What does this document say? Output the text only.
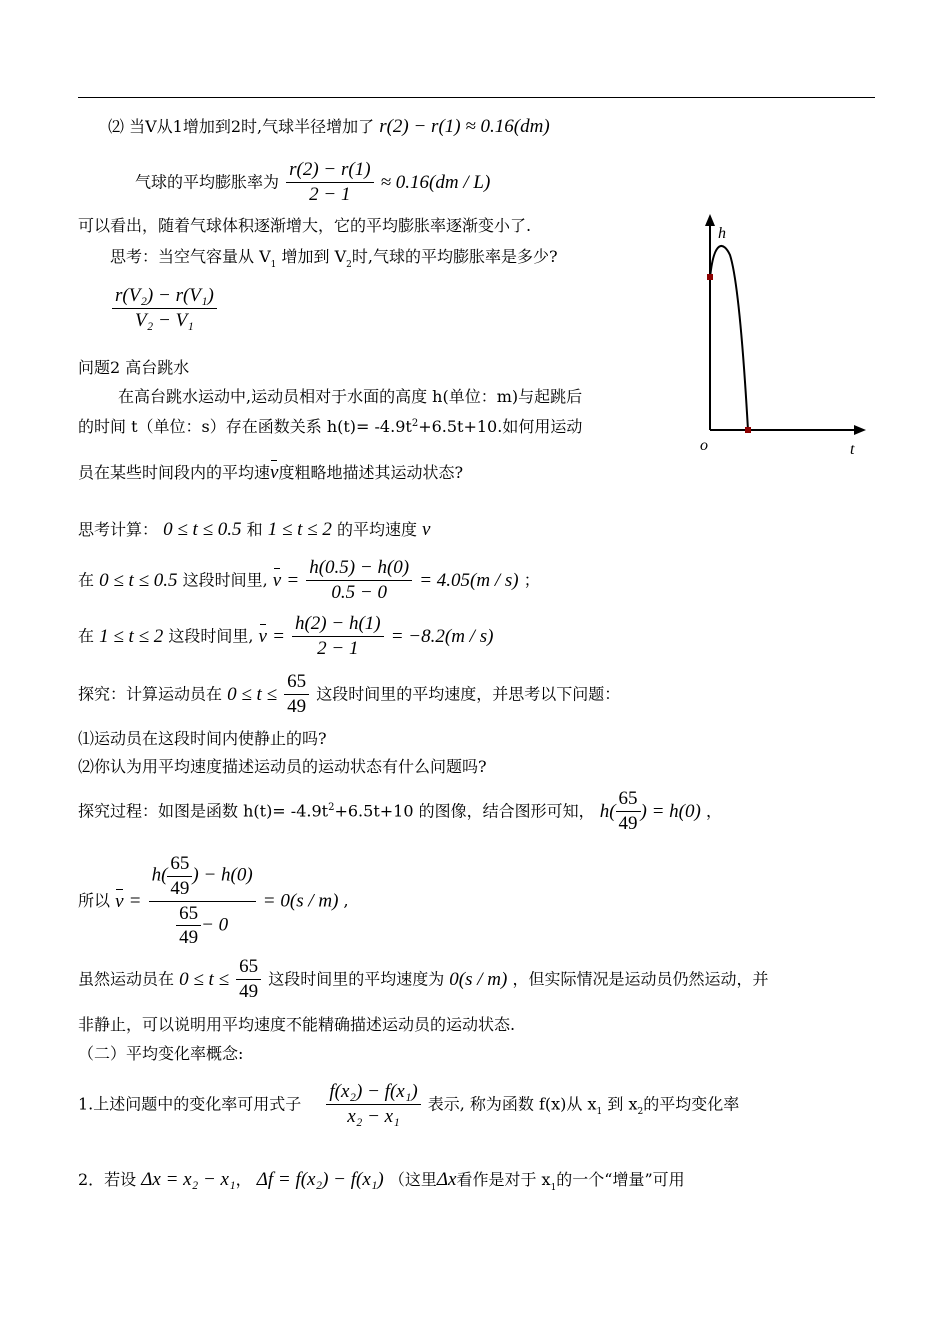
⑵ 当V从1增加到2时,气球半径增加了 r(2) − r(1) ≈ 0.16(dm)
气球的平均膨胀率为 $\frac{r(2) - r(1)}{2 - 1} \approx 0.16(dm / L)$
可以看出，随着气球体积逐渐增大，它的平均膨胀率逐渐变小了.
思考：当空气容量从 $V_1$ 增加到 $V_2$时,气球的平均膨胀率是多少?
$\frac{\text{r(V₂) − r(V₁)}}{\text{V₂ − V₁}}$
问题2 高台跳水
在高台跳水运动中,运动员相对于水面的高度 h(单位：m)与起跳后
的时间 t（单位：s）存在函数关系 $h(t)= -4.9t^2+6.5t+10$.如何用运动
员在某些时间段内的平均速v度粗略地描述其运动状态?
h
t
o
思考计算： 0 ≤ t ≤ 0.5 和 1 ≤ t ≤ 2 的平均速度 v
在 0 ≤ t ≤ 0.5 这段时间里, $v = \frac{h(0.5) - h(0)}{0.5 - 0} = 4.05(m / s)$ ；
在 1 ≤ t ≤ 2 这段时间里, $v = \frac{h(2) - h(1)}{2 - 1} = -8.2(m / s)$
探究：计算运动员在 $0 \le t \le \frac{65}{49}$ 这段时间里的平均速度，并思考以下问题：
⑴运动员在这段时间内使静止的吗?
⑵你认为用平均速度描述运动员的运动状态有什么问题吗?
探究过程：如图是函数 $h(t)= -4.9t^2+6.5t+10$ 的图像，结合图形可知， $h( \frac{65}{49}$ ) = h(0) ，
所以 $v = \frac{h( \frac{65}{49} ) - h(0)}{\frac{65}{49} - 0} = 0(s / m)$ ,
虽然运动员在 $0 \le t \le \frac{65}{49}$ 这段时间里的平均速度为 0(s / m) ，但实际情况是运动员仍然运动，并
非静止，可以说明用平均速度不能精确描述运动员的运动状态.
（二）平均变化率概念:
1.上述问题中的变化率可用式子 $\frac{\text{f(x₂) − f(x₁)}}{\text{x₂ − x₁}}$ 表示, 称为函数 f(x)从 $x_1$ 到 $x_2$的平均变化率
2．若设 Δx = x₂ − x₁， Δf = f(x₂) − f(x₁) （这里Δx看作是对于 $x_1$的一个“增量”可用
